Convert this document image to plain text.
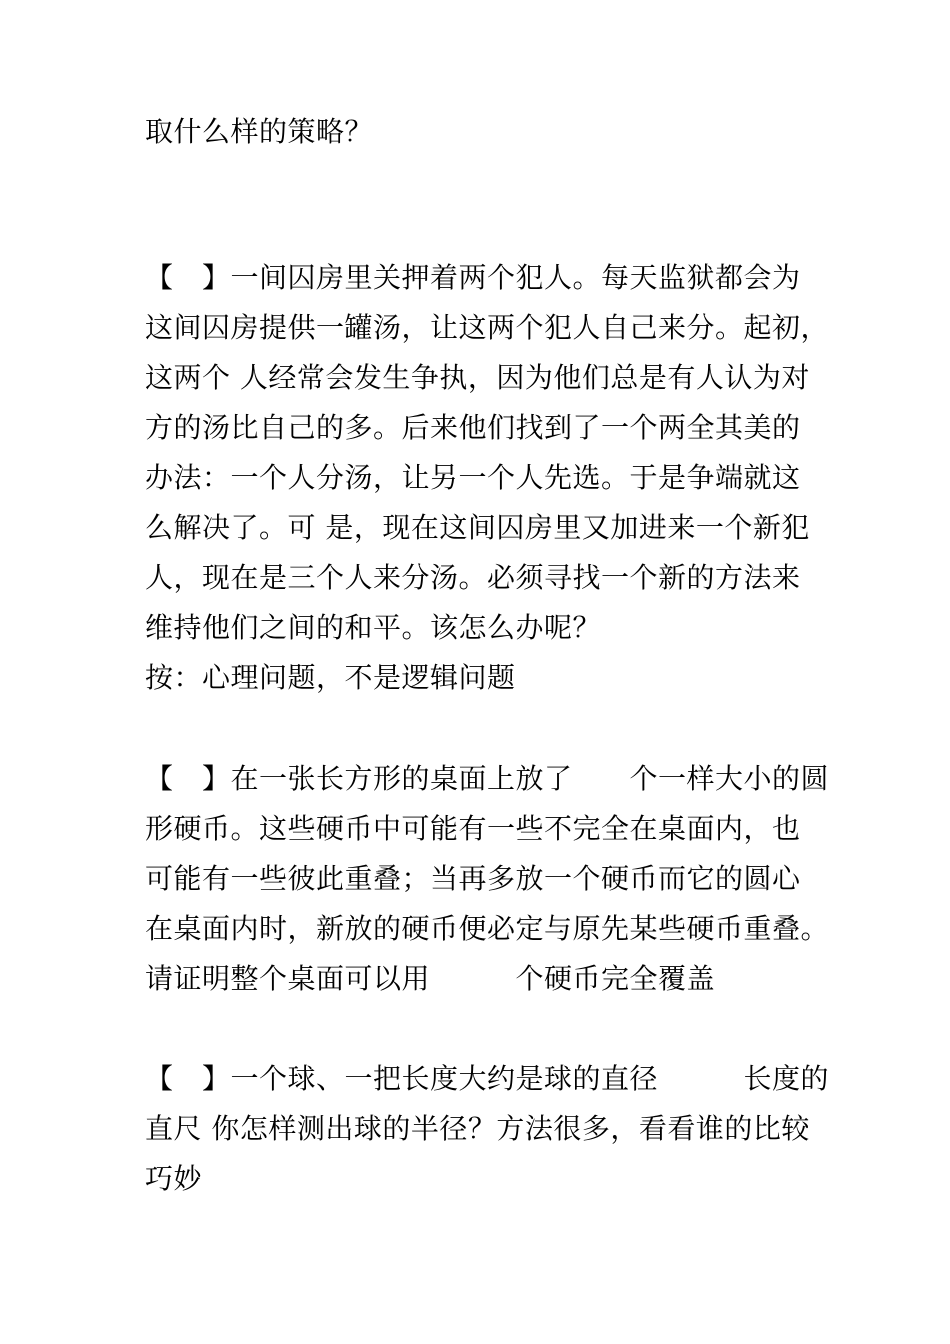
取什么样的策略？
【　】一间囚房里关押着两个犯人。每天监狱都会为
这间囚房提供一罐汤，让这两个犯人自己来分。起初，
这两个 人经常会发生争执，因为他们总是有人认为对
方的汤比自己的多。后来他们找到了一个两全其美的
办法：一个人分汤，让另一个人先选。于是争端就这
么解决了。可 是，现在这间囚房里又加进来一个新犯
人，现在是三个人来分汤。必须寻找一个新的方法来
维持他们之间的和平。该怎么办呢？
按：心理问题，不是逻辑问题
【　】在一张长方形的桌面上放了　　个一样大小的圆
形硬币。这些硬币中可能有一些不完全在桌面内，也
可能有一些彼此重叠；当再多放一个硬币而它的圆心
在桌面内时，新放的硬币便必定与原先某些硬币重叠。
请证明整个桌面可以用　　　个硬币完全覆盖
【　】一个球、一把长度大约是球的直径　　　长度的
直尺 你怎样测出球的半径？方法很多，看看谁的比较
巧妙
